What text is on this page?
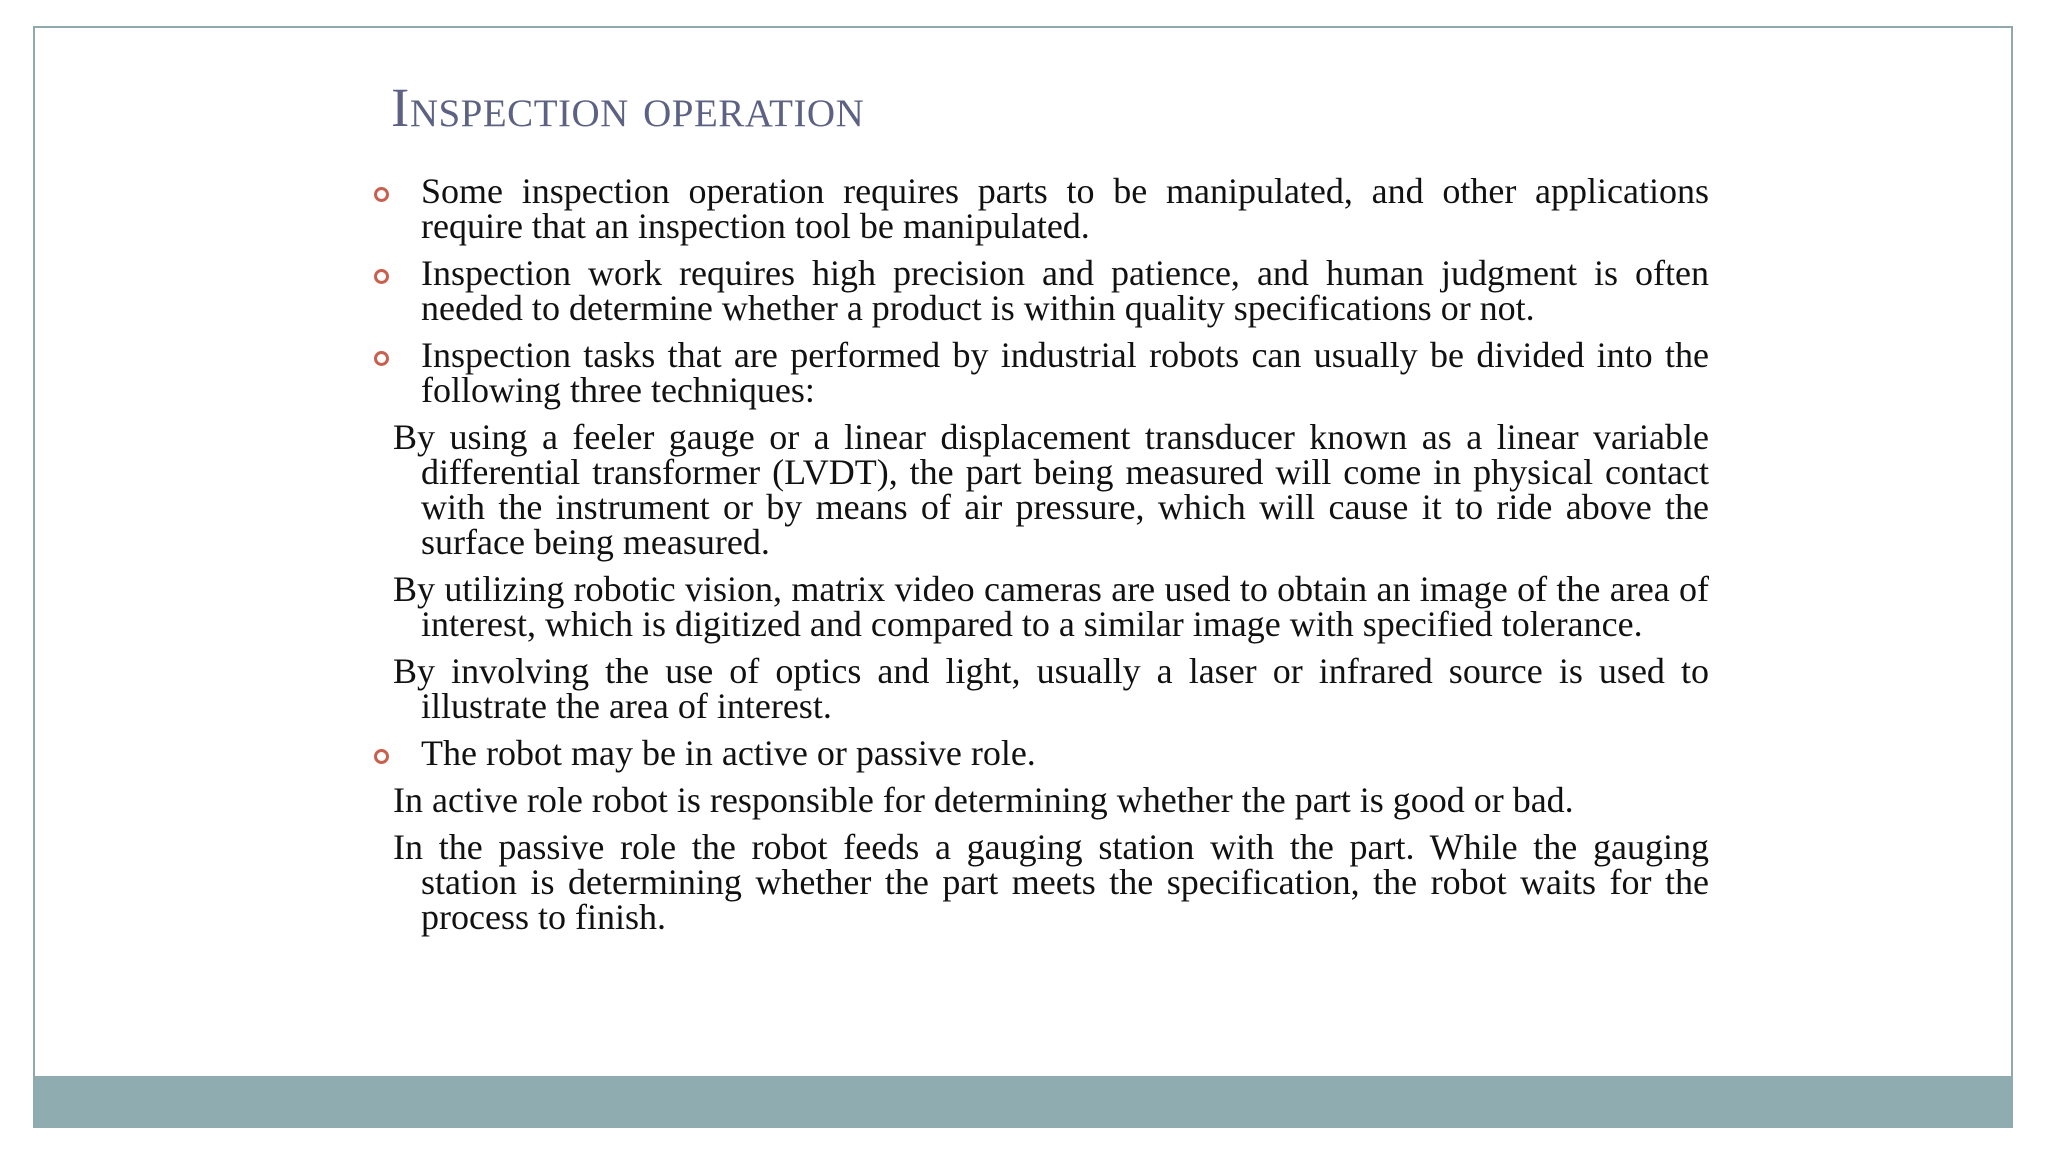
Inspection operation
Some inspection operation requires parts to be manipulated, and other applications require that an inspection tool be manipulated.
Inspection work requires high precision and patience, and human judgment is often needed to determine whether a product is within quality specifications or not.
Inspection tasks that are performed by industrial robots can usually be divided into the following three techniques:
By using a feeler gauge or a linear displacement transducer known as a linear variable differential transformer (LVDT), the part being measured will come in physical contact with the instrument or by means of air pressure, which will cause it to ride above the surface being measured.
By utilizing robotic vision, matrix video cameras are used to obtain an image of the area of interest, which is digitized and compared to a similar image with specified tolerance.
By involving the use of optics and light, usually a laser or infrared source is used to illustrate the area of interest.
The robot may be in active or passive role.
In active role robot is responsible for determining whether the part is good or bad.
In the passive role the robot feeds a gauging station with the part. While the gauging station is determining whether the part meets the specification, the robot waits for the process to finish.
